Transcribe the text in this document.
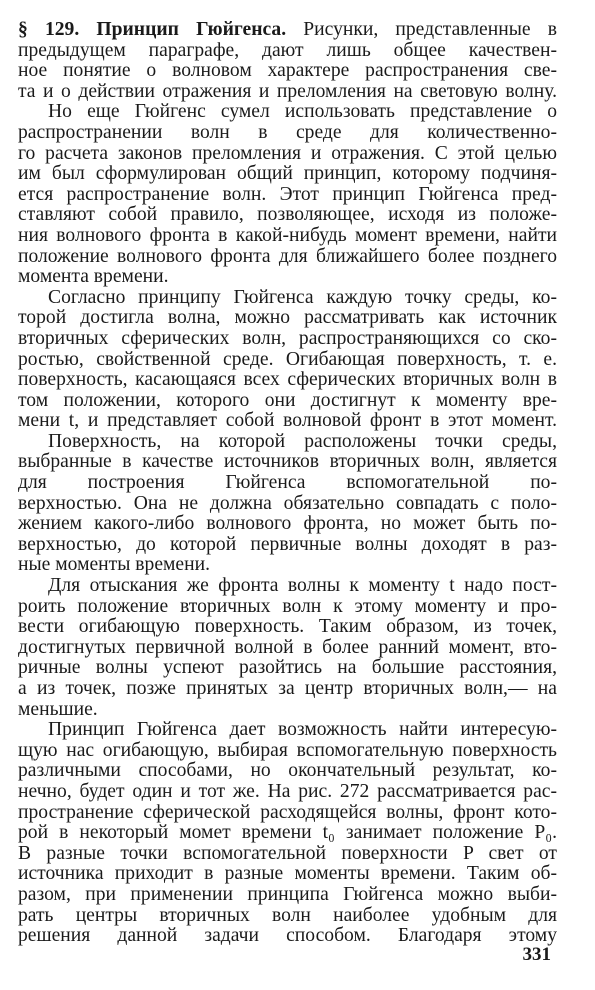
§ 129. Принцип Гюйгенса. Рисунки, представленные в
предыдущем параграфе, дают лишь общее качествен-
ное понятие о волновом характере распространения све-
та и о действии отражения и преломления на световую волну.
Но еще Гюйгенс сумел использовать представление о
распространении волн в среде для количественно-
го расчета законов преломления и отражения. С этой целью
им был сформулирован общий принцип, которому подчиня-
ется распространение волн. Этот принцип Гюйгенса пред-
ставляют собой правило, позволяющее, исходя из положе-
ния волнового фронта в какой-нибудь момент времени, найти
положение волнового фронта для ближайшего более позднего
момента времени.
Согласно принципу Гюйгенса каждую точку среды, ко-
торой достигла волна, можно рассматривать как источник
вторичных сферических волн, распространяющихся со ско-
ростью, свойственной среде. Огибающая поверхность, т. е.
поверхность, касающаяся всех сферических вторичных волн в
том положении, которого они достигнут к моменту вре-
мени t, и представляет собой волновой фронт в этот момент.
Поверхность, на которой расположены точки среды,
выбранные в качестве источников вторичных волн, является
для построения Гюйгенса вспомогательной по-
верхностью. Она не должна обязательно совпадать с поло-
жением какого-либо волнового фронта, но может быть по-
верхностью, до которой первичные волны доходят в раз-
ные моменты времени.
Для отыскания же фронта волны к моменту t надо пост-
роить положение вторичных волн к этому моменту и про-
вести огибающую поверхность. Таким образом, из точек,
достигнутых первичной волной в более ранний момент, вто-
ричные волны успеют разойтись на большие расстояния,
а из точек, позже принятых за центр вторичных волн,— на
меньшие.
Принцип Гюйгенса дает возможность найти интересую-
щую нас огибающую, выбирая вспомогательную поверхность
различными способами, но окончательный результат, ко-
нечно, будет один и тот же. На рис. 272 рассматривается рас-
пространение сферической расходящейся волны, фронт кото-
рой в некоторый момет времени t₀ занимает положение P₀.
В разные точки вспомогательной поверхности P свет от
источника приходит в разные моменты времени. Таким об-
разом, при применении принципа Гюйгенса можно выби-
рать центры вторичных волн наиболее удобным для
решения данной задачи способом. Благодаря этому
331
